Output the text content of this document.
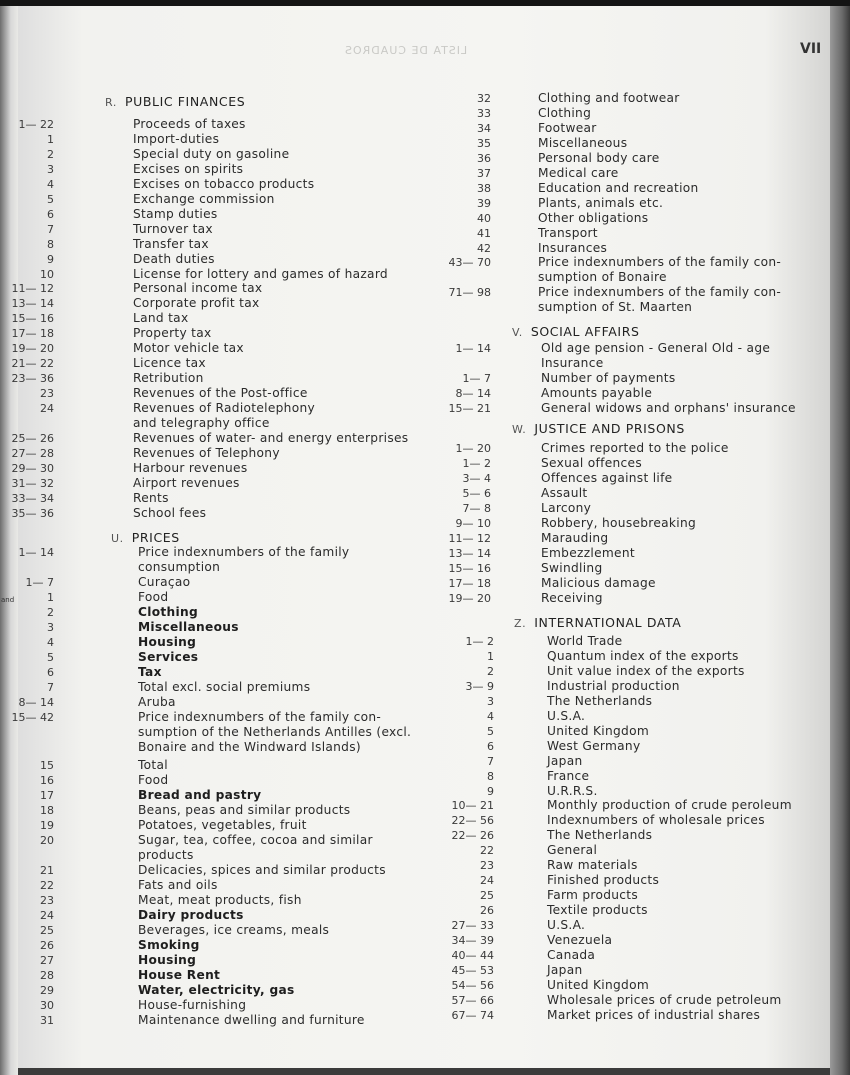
and
LISTA DE CUADROS	VII
R. PUBLIC FINANCES
1— 22	Proceeds of taxes
1	Import-duties
2	Special duty on gasoline
3	Excises on spirits
4	Excises on tobacco products
5	Exchange commission
6	Stamp duties
7	Turnover tax
8	Transfer tax
9	Death duties
10	License for lottery and games of hazard
11— 12	Personal income tax
13— 14	Corporate profit tax
15— 16	Land tax
17— 18	Property tax
19— 20	Motor vehicle tax
21— 22	Licence tax
23— 36	Retribution
23	Revenues of the Post-office
24	Revenues of Radiotelephony
and telegraphy office
25— 26	Revenues of water- and energy enterprises
27— 28	Revenues of Telephony
29— 30	Harbour revenues
31— 32	Airport revenues
33— 34	Rents
35— 36	School fees
U. PRICES
1— 14	Price indexnumbers of the family
consumption
1— 7	Curaçao
1	Food
2	Clothing
3	Miscellaneous
4	Housing
5	Services
6	Tax
7	Total excl. social premiums
8— 14	Aruba
15— 42	Price indexnumbers of the family con-
sumption of the Netherlands Antilles (excl.
Bonaire and the Windward Islands)
15	Total
16	Food
17	Bread and pastry
18	Beans, peas and similar products
19	Potatoes, vegetables, fruit
20	Sugar, tea, coffee, cocoa and similar
products
21	Delicacies, spices and similar products
22	Fats and oils
23	Meat, meat products, fish
24	Dairy products
25	Beverages, ice creams, meals
26	Smoking
27	Housing
28	House Rent
29	Water, electricity, gas
30	House-furnishing
31	Maintenance dwelling and furniture
32	Clothing and footwear
33	Clothing
34	Footwear
35	Miscellaneous
36	Personal body care
37	Medical care
38	Education and recreation
39	Plants, animals etc.
40	Other obligations
41	Transport
42	Insurances
43— 70	Price indexnumbers of the family con-
sumption of Bonaire
71— 98	Price indexnumbers of the family con-
sumption of St. Maarten
V. SOCIAL AFFAIRS
1— 14	Old age pension - General Old - age
Insurance
1— 7	Number of payments
8— 14	Amounts payable
15— 21	General widows and orphans' insurance
W. JUSTICE AND PRISONS
1— 20	Crimes reported to the police
1— 2	Sexual offences
3— 4	Offences against life
5— 6	Assault
7— 8	Larcony
9— 10	Robbery, housebreaking
11— 12	Marauding
13— 14	Embezzlement
15— 16	Swindling
17— 18	Malicious damage
19— 20	Receiving
Z. INTERNATIONAL DATA
1— 2	World Trade
1	Quantum index of the exports
2	Unit value index of the exports
3— 9	Industrial production
3	The Netherlands
4	U.S.A.
5	United Kingdom
6	West Germany
7	Japan
8	France
9	U.R.R.S.
10— 21	Monthly production of crude peroleum
22— 56	Indexnumbers of wholesale prices
22— 26	The Netherlands
22	General
23	Raw materials
24	Finished products
25	Farm products
26	Textile products
27— 33	U.S.A.
34— 39	Venezuela
40— 44	Canada
45— 53	Japan
54— 56	United Kingdom
57— 66	Wholesale prices of crude petroleum
67— 74	Market prices of industrial shares
